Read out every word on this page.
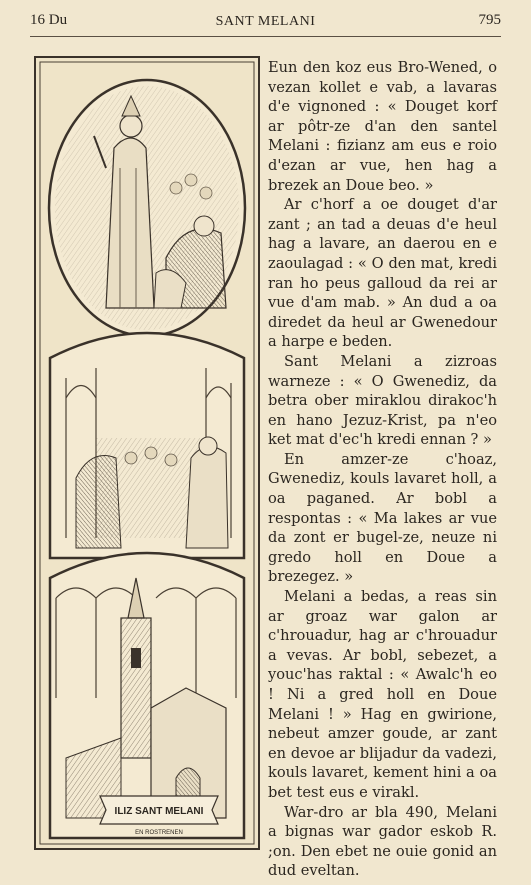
16 Du	SANT MELANI	795
ILIZ SANT MELANI
EN ROSTRENEN

Eun den koz eus Bro-Wened, o vezan kollet e vab, a lavaras d'e vignoned : « Douget korf ar pôtr-ze d'an den santel Melani : fizianz am eus e roio d'ezan ar vue, hen hag a brezek an Doue beo. »

Ar c'horf a oe douget d'ar zant ; an tad a deuas d'e heul hag a lavare, an daerou en e zaoulagad : « O den mat, kredi ran ho peus galloud da rei ar vue d'am mab. » An dud a oa diredet da heul ar Gwenedour a harpe e beden.

Sant Melani a zizroas warneze : « O Gwenediz, da betra ober miraklou dirakoc'h en hano Jezuz-Krist, pa n'eo ket mat d'ec'h kredi ennan ? »

En amzer-ze c'hoaz, Gwenediz, kouls lavaret holl, a oa paganed. Ar bobl a respontas : « Ma lakes ar vue da zont er bugel-ze, neuze ni gredo holl en Doue a brezegez. »

Melani a bedas, a reas sin ar groaz war galon ar c'hrouadur, hag ar c'hrouadur a vevas. Ar bobl, sebezet, a youc'has raktal : « Awalc'h eo ! Ni a gred holl en Doue Melani ! » Hag en gwirione, nebeut amzer goude, ar zant en devoe ar blijadur da vadezi, kouls lavaret, kement hini a oa bet test eus e virakl.

War-dro ar bla 490, Melani a bignas war gador eskob R. ;on. Den ebet ne ouie gonid an dud eveltan.
